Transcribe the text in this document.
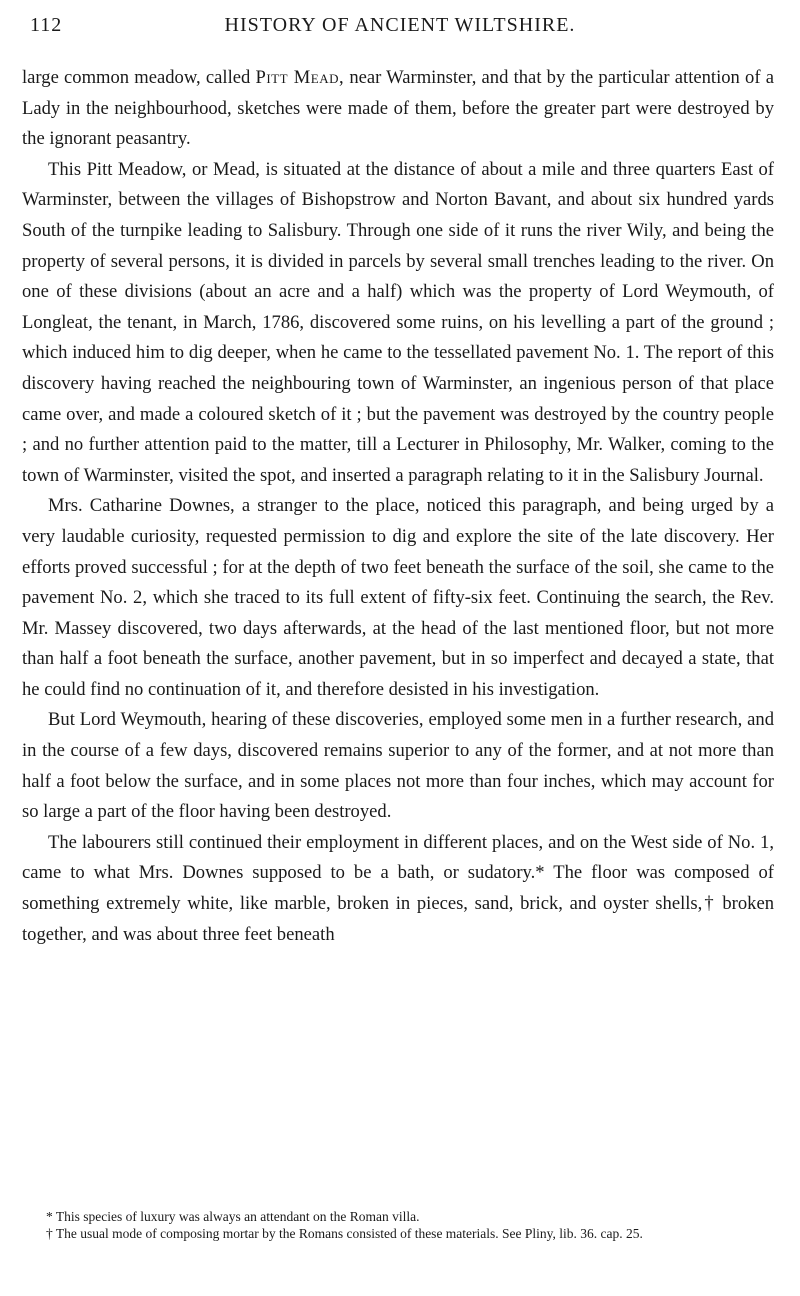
112	HISTORY OF ANCIENT WILTSHIRE.

large common meadow, called Pitt Mead, near Warminster, and that by the particular attention of a Lady in the neighbourhood, sketches were made of them, before the greater part were destroyed by the ignorant peasantry.

This Pitt Meadow, or Mead, is situated at the distance of about a mile and three quarters East of Warminster, between the villages of Bishopstrow and Norton Bavant, and about six hundred yards South of the turnpike leading to Salisbury. Through one side of it runs the river Wily, and being the property of several persons, it is divided in parcels by several small trenches leading to the river. On one of these divisions (about an acre and a half) which was the property of Lord Weymouth, of Longleat, the tenant, in March, 1786, discovered some ruins, on his levelling a part of the ground ; which induced him to dig deeper, when he came to the tessellated pavement No. 1. The report of this discovery having reached the neighbouring town of Warminster, an ingenious person of that place came over, and made a coloured sketch of it ; but the pavement was destroyed by the country people ; and no further attention paid to the matter, till a Lecturer in Philosophy, Mr. Walker, coming to the town of Warminster, visited the spot, and inserted a paragraph relating to it in the Salisbury Journal.

Mrs. Catharine Downes, a stranger to the place, noticed this paragraph, and being urged by a very laudable curiosity, requested permission to dig and explore the site of the late discovery. Her efforts proved successful ; for at the depth of two feet beneath the surface of the soil, she came to the pavement No. 2, which she traced to its full extent of fifty-six feet. Continuing the search, the Rev. Mr. Massey discovered, two days afterwards, at the head of the last mentioned floor, but not more than half a foot beneath the surface, another pavement, but in so imperfect and decayed a state, that he could find no continuation of it, and therefore desisted in his investigation.

But Lord Weymouth, hearing of these discoveries, employed some men in a further research, and in the course of a few days, discovered remains superior to any of the former, and at not more than half a foot below the surface, and in some places not more than four inches, which may account for so large a part of the floor having been destroyed.

The labourers still continued their employment in different places, and on the West side of No. 1, came to what Mrs. Downes supposed to be a bath, or sudatory.* The floor was composed of something extremely white, like marble, broken in pieces, sand, brick, and oyster shells,† broken together, and was about three feet beneath

* This species of luxury was always an attendant on the Roman villa.

† The usual mode of composing mortar by the Romans consisted of these materials. See Pliny, lib. 36. cap. 25.
